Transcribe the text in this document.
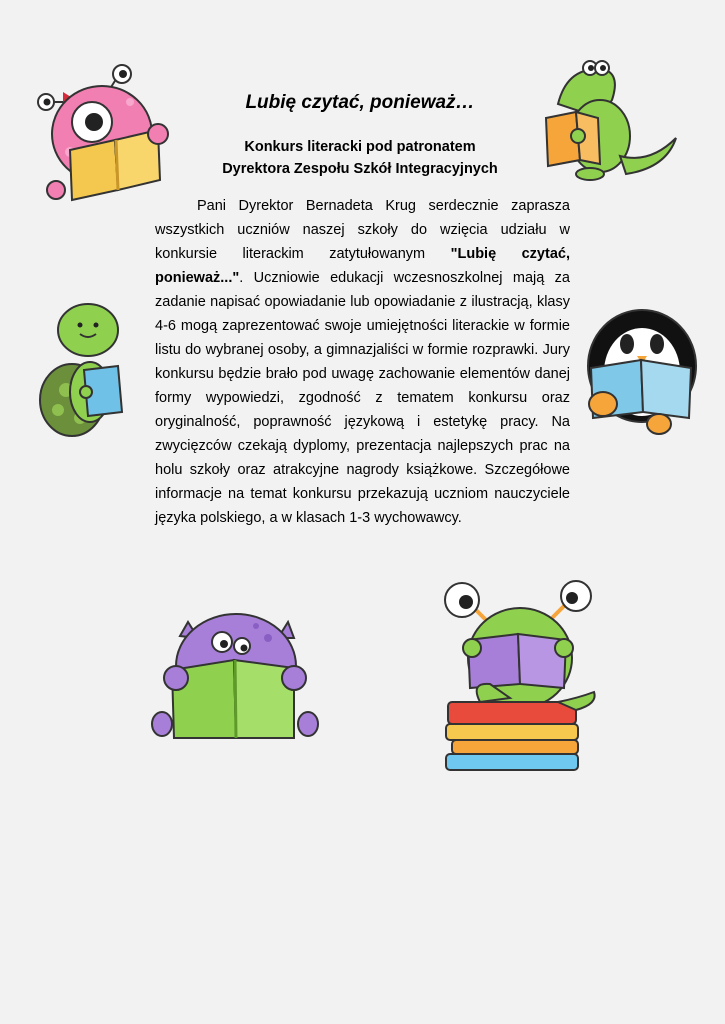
Lubię czytać, ponieważ…
Konkurs literacki pod patronatem
Dyrektora Zespołu Szkół Integracyjnych

Pani Dyrektor Bernadeta Krug serdecznie zaprasza wszystkich uczniów naszej szkoły do wzięcia udziału w konkursie literackim zatytułowanym "Lubię czytać, ponieważ...". Uczniowie edukacji wczesnoszkolnej mają za zadanie napisać opowiadanie lub opowiadanie z ilustracją, klasy 4-6 mogą zaprezentować swoje umiejętności literackie w formie listu do wybranej osoby, a gimnazjaliści w formie rozprawki. Jury konkursu będzie brało pod uwagę zachowanie elementów danej formy wypowiedzi, zgodność z tematem konkursu oraz oryginalność, poprawność językową i estetykę pracy. Na zwycięzców czekają dyplomy, prezentacja najlepszych prac na holu szkoły oraz atrakcyjne nagrody książkowe. Szczegółowe informacje na temat konkursu przekazują uczniom nauczyciele języka polskiego, a w klasach 1-3 wychowawcy.
